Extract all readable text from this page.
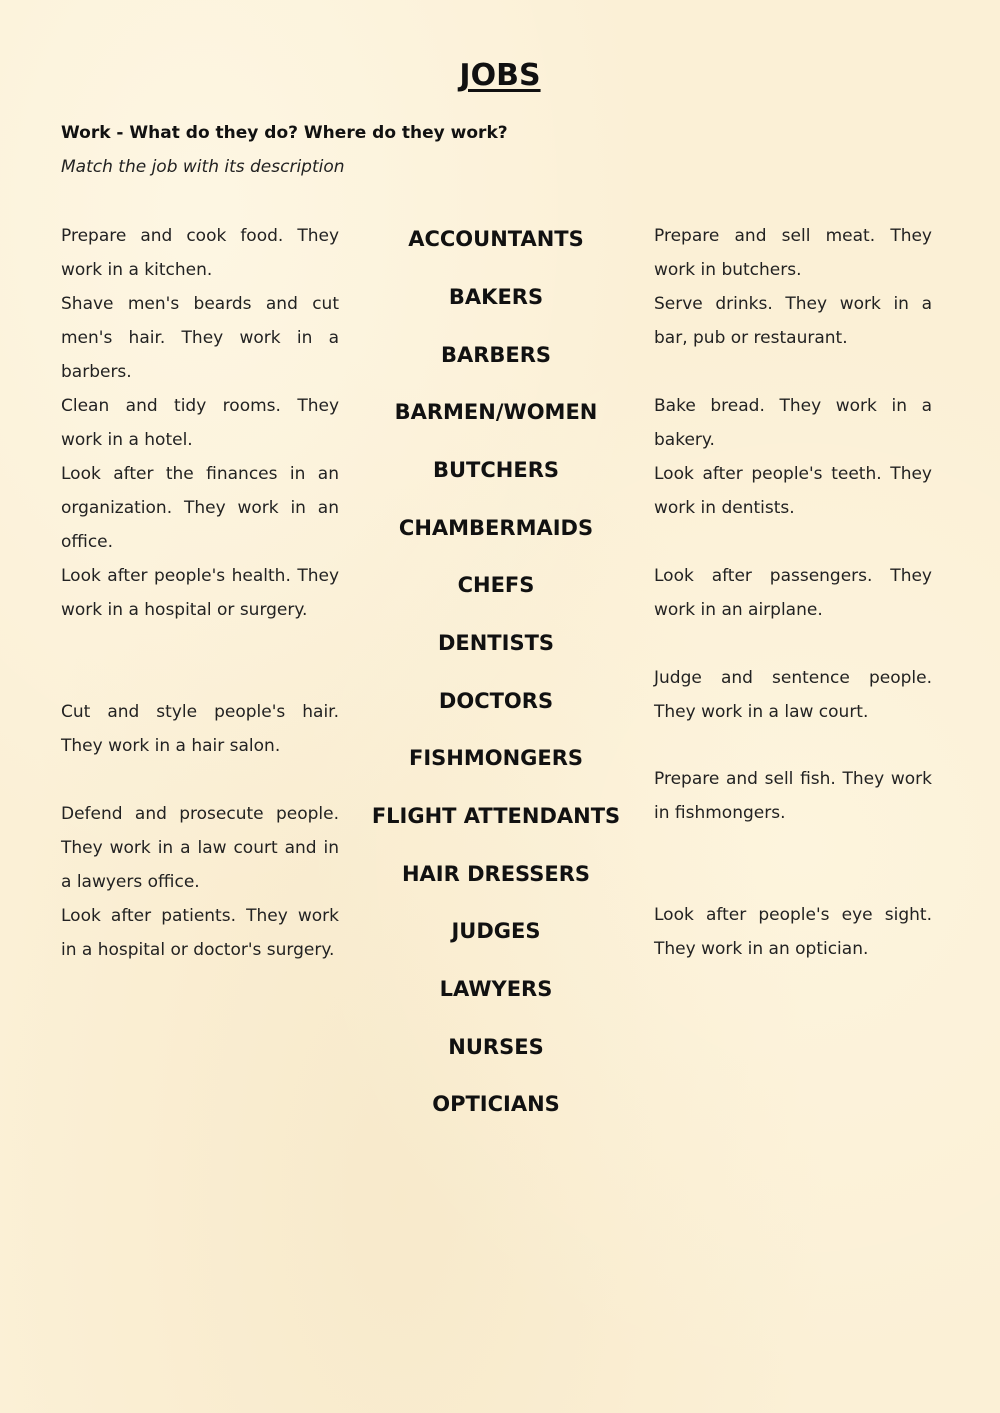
JOBS
Work - What do they do? Where do they work?
Match the job with its description
Prepare and cook food. They work in a kitchen.
Shave men's beards and cut men's hair. They work in a barbers.
Clean and tidy rooms. They work in a hotel.
Look after the finances in an organization. They work in an office.
Look after people's health. They work in a hospital or surgery.
Cut and style people's hair. They work in a hair salon.
Defend and prosecute people. They work in a law court and in a lawyers office.
Look after patients. They work in a hospital or doctor's surgery.
ACCOUNTANTS
BAKERS
BARBERS
BARMEN/WOMEN
BUTCHERS
CHAMBERMAIDS
CHEFS
DENTISTS
DOCTORS
FISHMONGERS
FLIGHT ATTENDANTS
HAIR DRESSERS
JUDGES
LAWYERS
NURSES
OPTICIANS
Prepare and sell meat. They work in butchers.
Serve drinks. They work in a bar, pub or restaurant.
Bake bread. They work in a bakery.
Look after people's teeth. They work in dentists.
Look after passengers. They work in an airplane.
Judge and sentence people. They work in a law court.
Prepare and sell fish. They work in fishmongers.
Look after people's eye sight. They work in an optician.
